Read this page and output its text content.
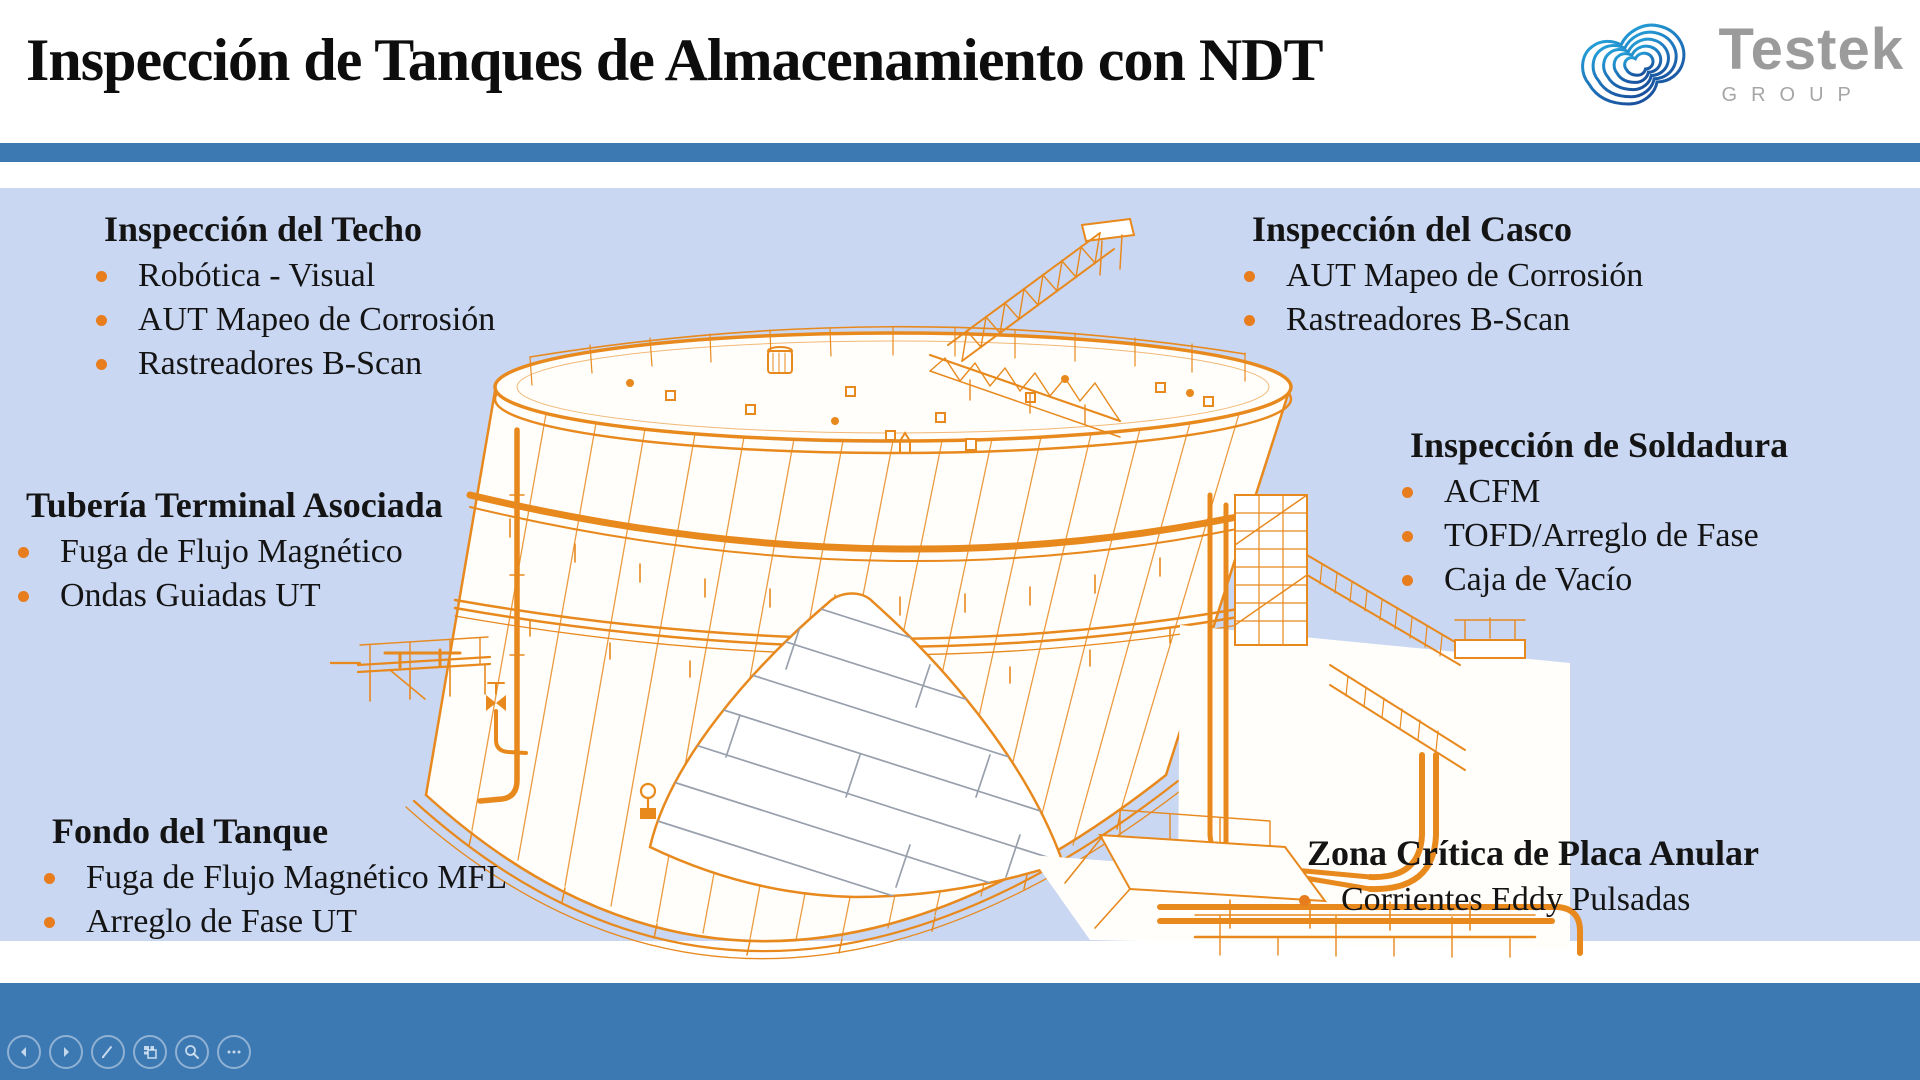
Inspección de Tanques de Almacenamiento con NDT	Testek
GROUP
Inspección del Techo
Robótica - Visual
AUT Mapeo de Corrosión
Rastreadores B-Scan
Inspección del Casco
AUT Mapeo de Corrosión
Rastreadores B-Scan
Tubería Terminal Asociada
Fuga de Flujo Magnético
Ondas Guiadas UT
Inspección de Soldadura
ACFM
TOFD/Arreglo de Fase
Caja de Vacío
Fondo del Tanque
Fuga de Flujo Magnético MFL
Arreglo de Fase UT
Zona Crítica de Placa Anular
Corrientes Eddy Pulsadas
